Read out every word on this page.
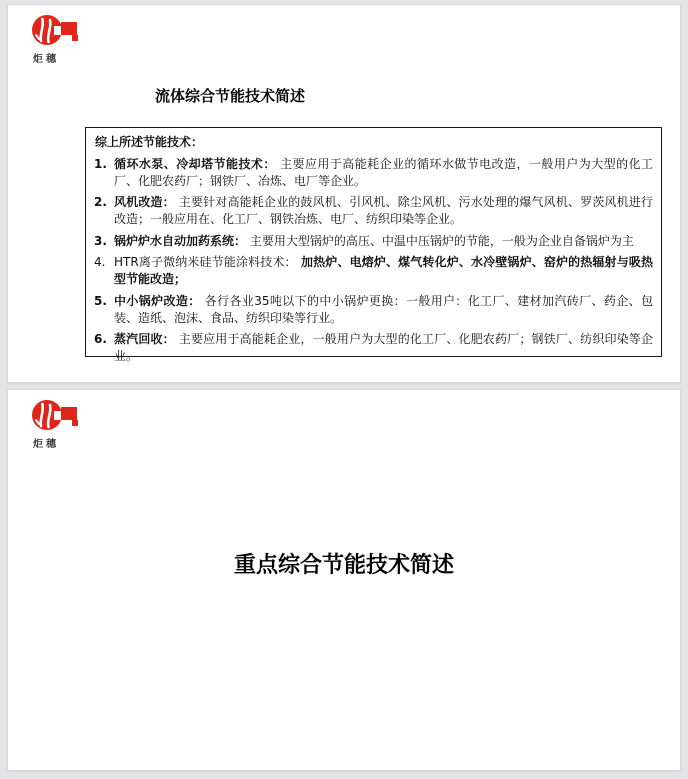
炬穗
流体综合节能技术简述
综上所述节能技术：
1. 循环水泵、冷却塔节能技术： 主要应用于高能耗企业的循环水做节电改造，一般用户为大型的化工厂、化肥农药厂；钢铁厂、冶炼、电厂等企业。
2. 风机改造： 主要针对高能耗企业的鼓风机、引风机、除尘风机、污水处理的爆气风机、罗茨风机进行改造；一般应用在、化工厂、钢铁冶炼、电厂、纺织印染等企业。
3. 锅炉炉水自动加药系统： 主要用大型锅炉的高压、中温中压锅炉的节能，一般为企业自备锅炉为主
4. HTR离子微纳米硅节能涂料技术： 加热炉、电熔炉、煤气转化炉、水冷壁锅炉、窑炉的热辐射与吸热型节能改造；
5. 中小锅炉改造： 各行各业35吨以下的中小锅炉更换：一般用户：化工厂、建材加汽砖厂、药企、包装、造纸、泡沫、食品、纺织印染等行业。
6. 蒸汽回收： 主要应用于高能耗企业，一般用户为大型的化工厂、化肥农药厂；钢铁厂、纺织印染等企业。
炬穗
重点综合节能技术简述
